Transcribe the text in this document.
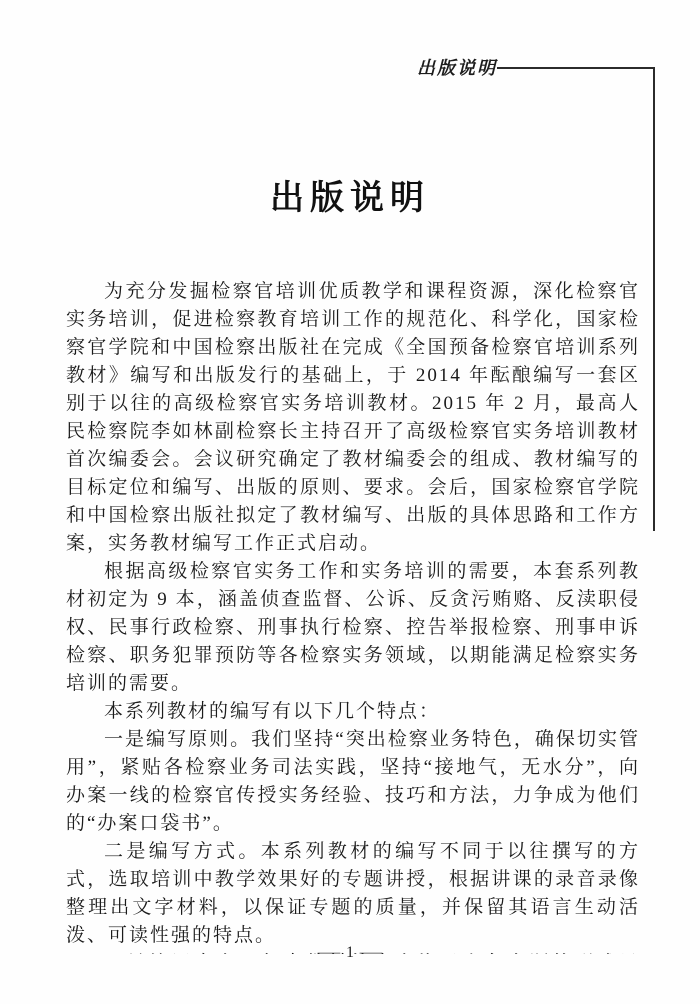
出版说明
出版说明

为充分发掘检察官培训优质教学和课程资源，深化检察官实务培训，促进检察教育培训工作的规范化、科学化，国家检察官学院和中国检察出版社在完成《全国预备检察官培训系列教材》编写和出版发行的基础上，于 2014 年酝酿编写一套区别于以往的高级检察官实务培训教材。2015 年 2 月，最高人民检察院李如林副检察长主持召开了高级检察官实务培训教材首次编委会。会议研究确定了教材编委会的组成、教材编写的目标定位和编写、出版的原则、要求。会后，国家检察官学院和中国检察出版社拟定了教材编写、出版的具体思路和工作方案，实务教材编写工作正式启动。

根据高级检察官实务工作和实务培训的需要，本套系列教材初定为 9 本，涵盖侦查监督、公诉、反贪污贿赂、反渎职侵权、民事行政检察、刑事执行检察、控告举报检察、刑事申诉检察、职务犯罪预防等各检察实务领域，以期能满足检察实务培训的需要。

本系列教材的编写有以下几个特点：

一是编写原则。我们坚持“突出检察业务特色，确保切实管用”，紧贴各检察业务司法实践，坚持“接地气，无水分”，向办案一线的检察官传授实务经验、技巧和方法，力争成为他们的“办案口袋书”。

二是编写方式。本系列教材的编写不同于以往撰写的方式，选取培训中教学效果好的专题讲授，根据讲课的录音录像整理出文字材料，以保证专题的质量，并保留其语言生动活泼、可读性强的特点。

— 1 —
